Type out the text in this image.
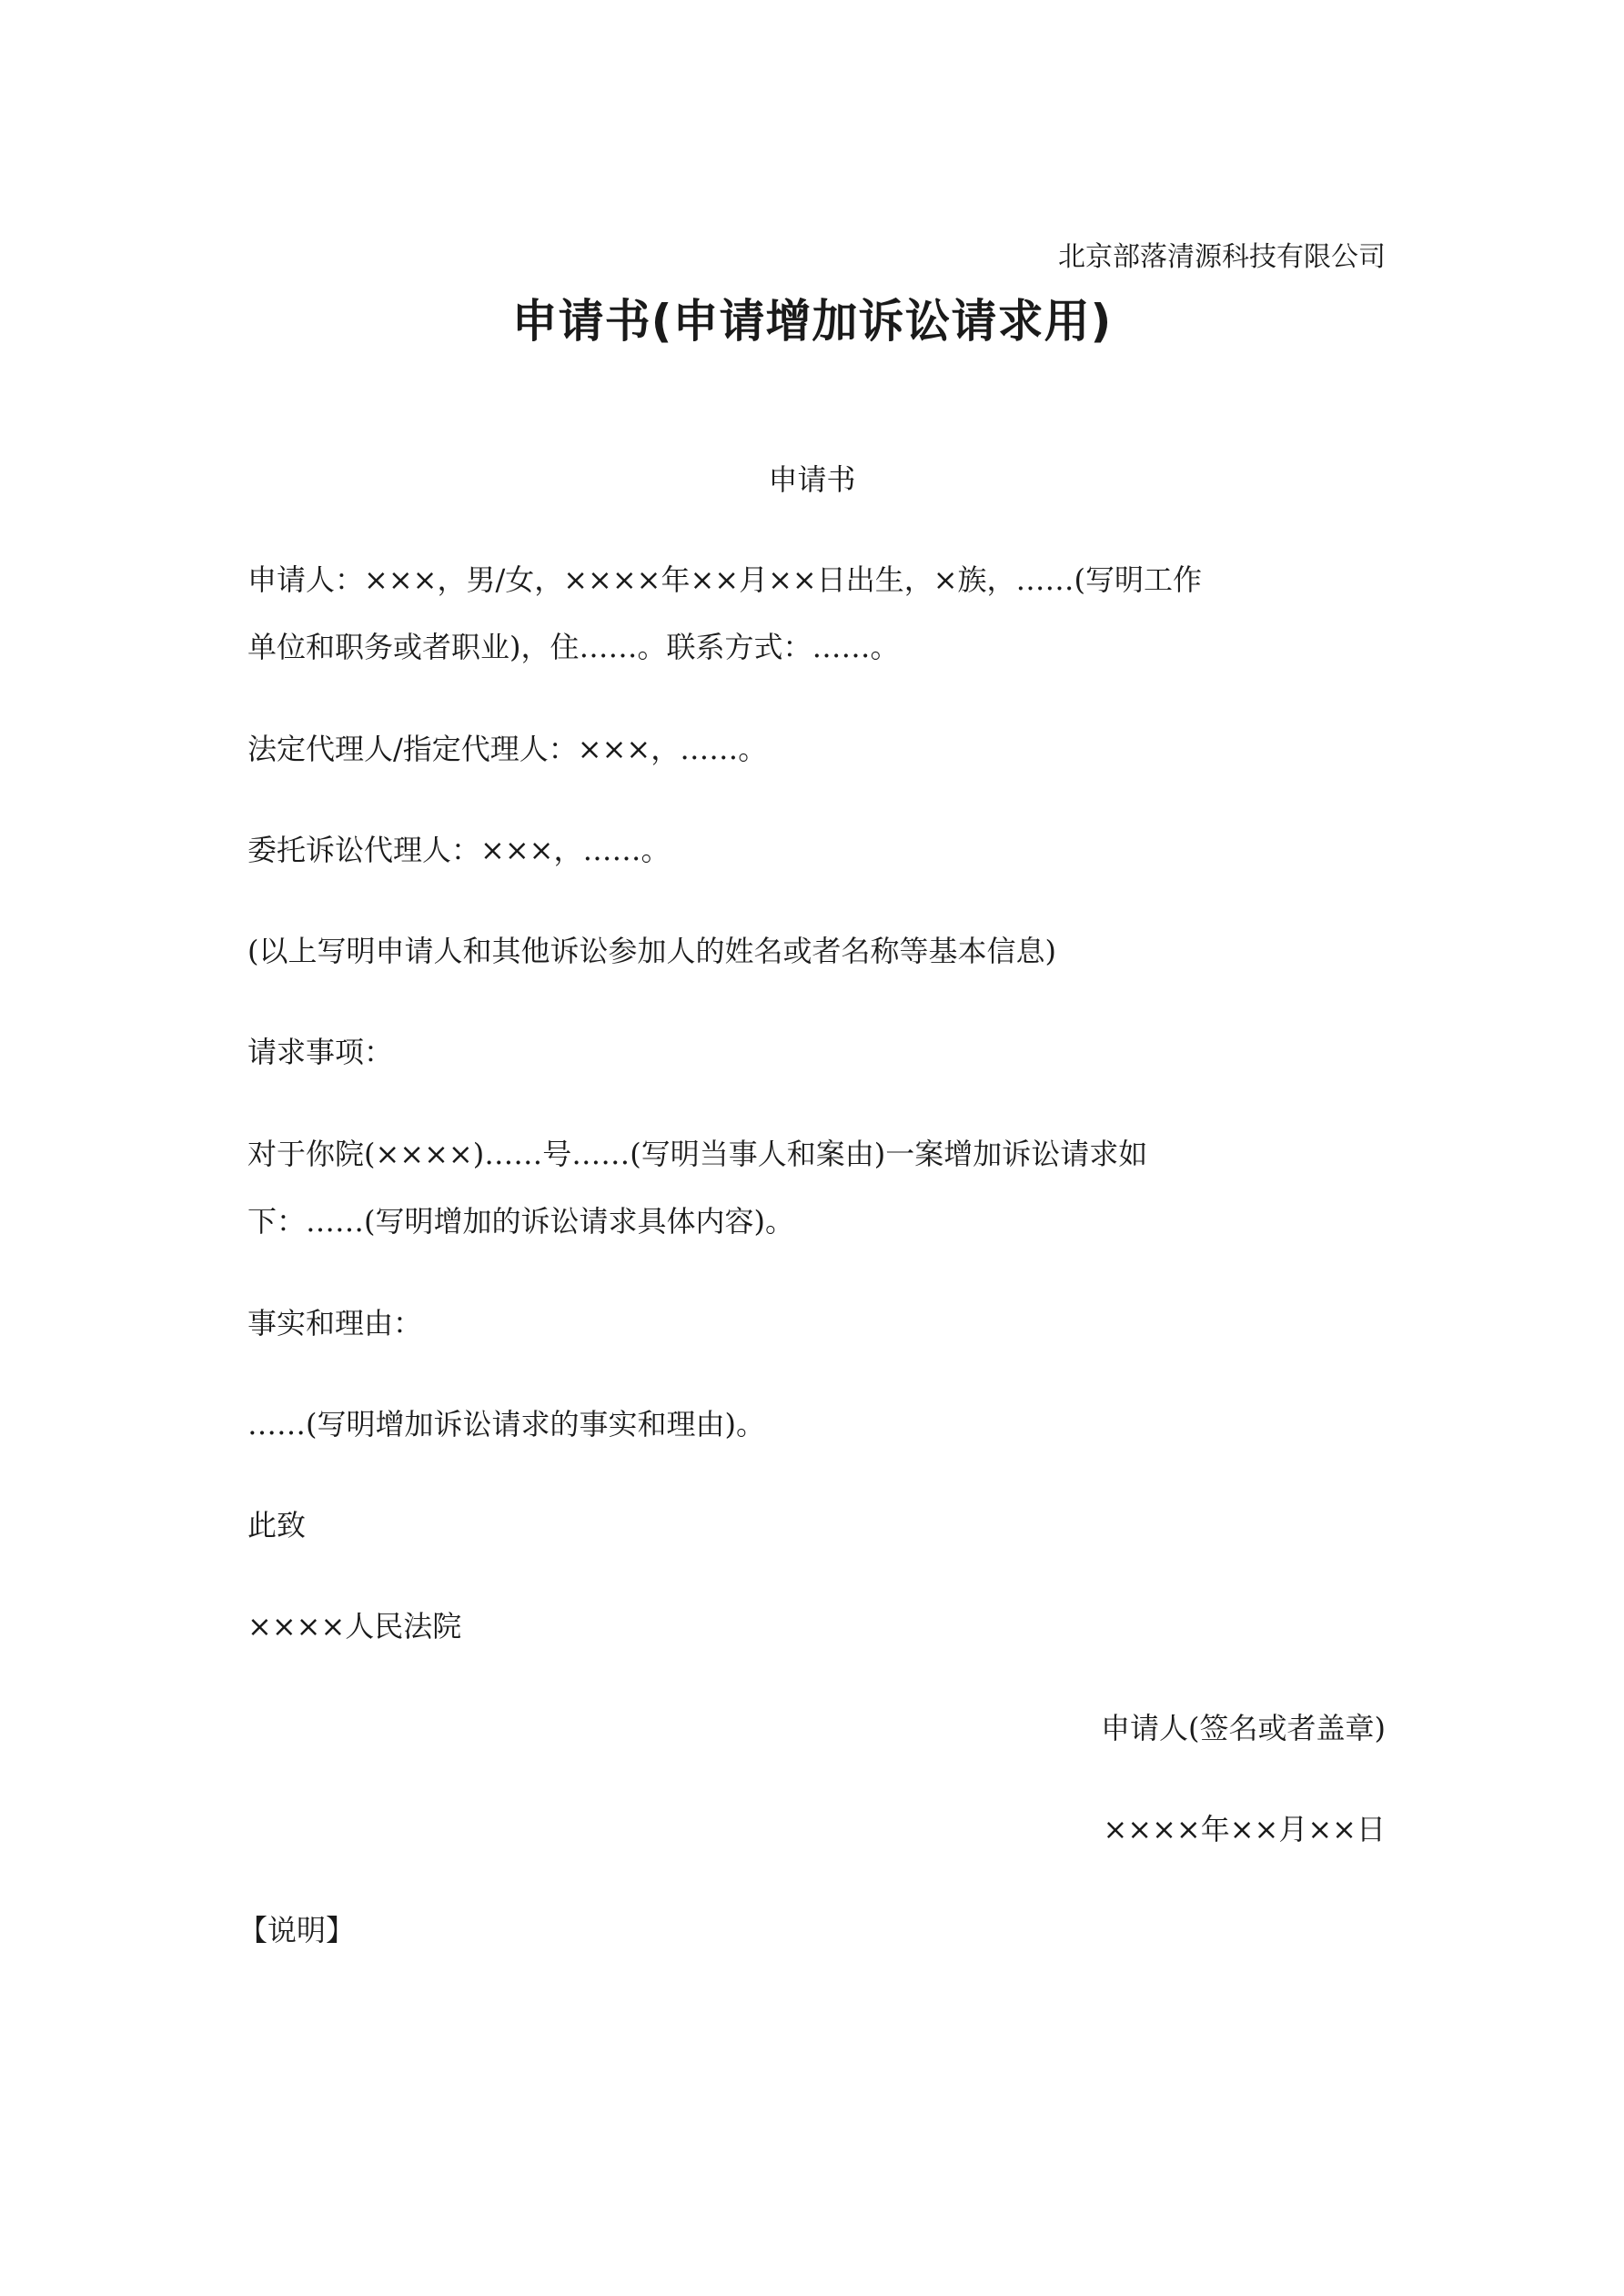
北京部落清源科技有限公司
申请书(申请增加诉讼请求用)
申请书
申请人：×××，男/女，××××年××月××日出生，×族，……(写明工作
单位和职务或者职业)，住……。联系方式：……。
法定代理人/指定代理人：×××，……。
委托诉讼代理人：×××，……。
(以上写明申请人和其他诉讼参加人的姓名或者名称等基本信息)
请求事项：
对于你院(××××)……号……(写明当事人和案由)一案增加诉讼请求如
下：……(写明增加的诉讼请求具体内容)。
事实和理由：
……(写明增加诉讼请求的事实和理由)。
此致
××××人民法院
申请人(签名或者盖章)
××××年××月××日
【说明】
